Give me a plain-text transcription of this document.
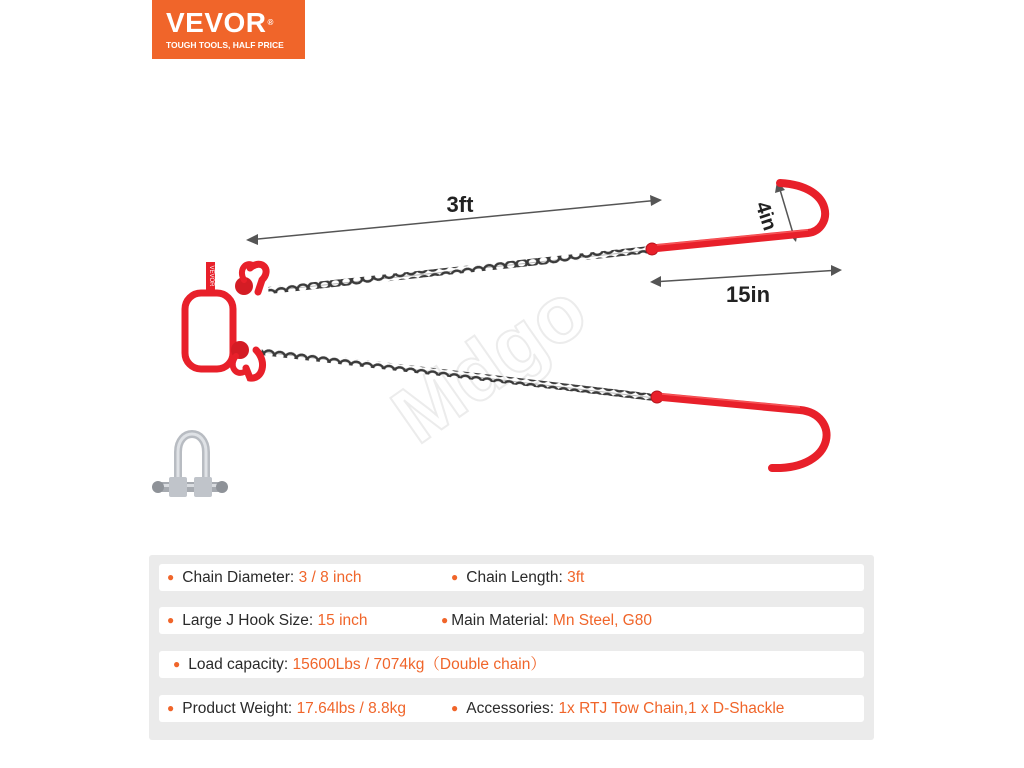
VEVOR®
TOUGH TOOLS, HALF PRICE
Mdgo
3ft
15in
4in
VEVOR
● Chain Diameter: 3 / 8 inch	● Chain Length: 3ft
● Large J Hook Size: 15 inch	● Main Material: Mn Steel, G80
● Load capacity: 15600Lbs / 7074kg（Double chain）
● Product Weight: 17.64lbs / 8.8kg	● Accessories: 1x RTJ Tow Chain,1 x D-Shackle
